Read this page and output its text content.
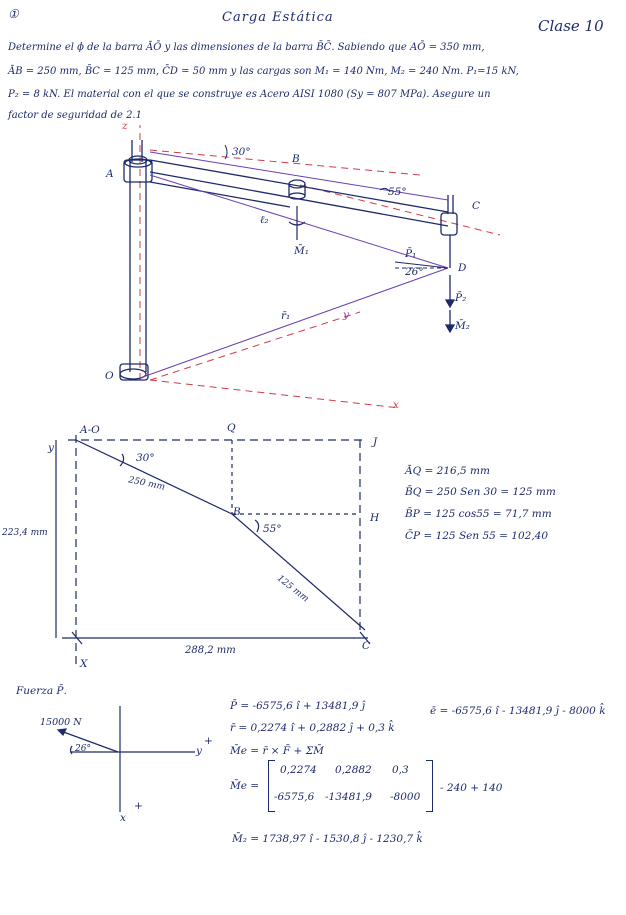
①	Carga Estática	Clase 10
Determine el ϕ de la barra ĀŌ y las dimensiones de la barra B̄C̄. Sabiendo que AŌ = 350 mm,
ĀB = 250 mm, B̄C = 125 mm, C̄D = 50 mm y las cargas son M₁ = 140 Nm, M₂ = 240 Nm. P₁=15 kN,
P₂ = 8 kN. El material con el que se construye es Acero AISI 1080 (Sy = 807 MPa). Asegure un
factor de seguridad de 2.1
z
A
B
C
D
O
x
y
30°
55°
26°
ℓ₂
r̄₁
P̄₁
M̄₁
P̄₂
M̄₂
A-O	Q
J
B
C
X
y
H
30°
55°
250 mm
125 mm
223,4 mm
288,2 mm
ĀQ = 216,5 mm
B̄Q = 250 Sen 30 = 125 mm
B̄P = 125 cos55 = 71,7 mm
C̄P = 125 Sen 55 = 102,40
Fuerza P̄.
15000 N
26°	y
+
x
+
P̄ = -6575,6 î + 13481,9 ĵ	ē = -6575,6 î - 13481,9 ĵ - 8000 k̂
r̄ = 0,2274 î + 0,2882 ĵ + 0,3 k̂
M̄e = r̄ × F̄ + ΣM̄
M̄e =
0,2274 0,2882 0,3
-6575,6 -13481,9 -8000
- 240 + 140
M̄₂ = 1738,97 î - 1530,8 ĵ - 1230,7 k̂
